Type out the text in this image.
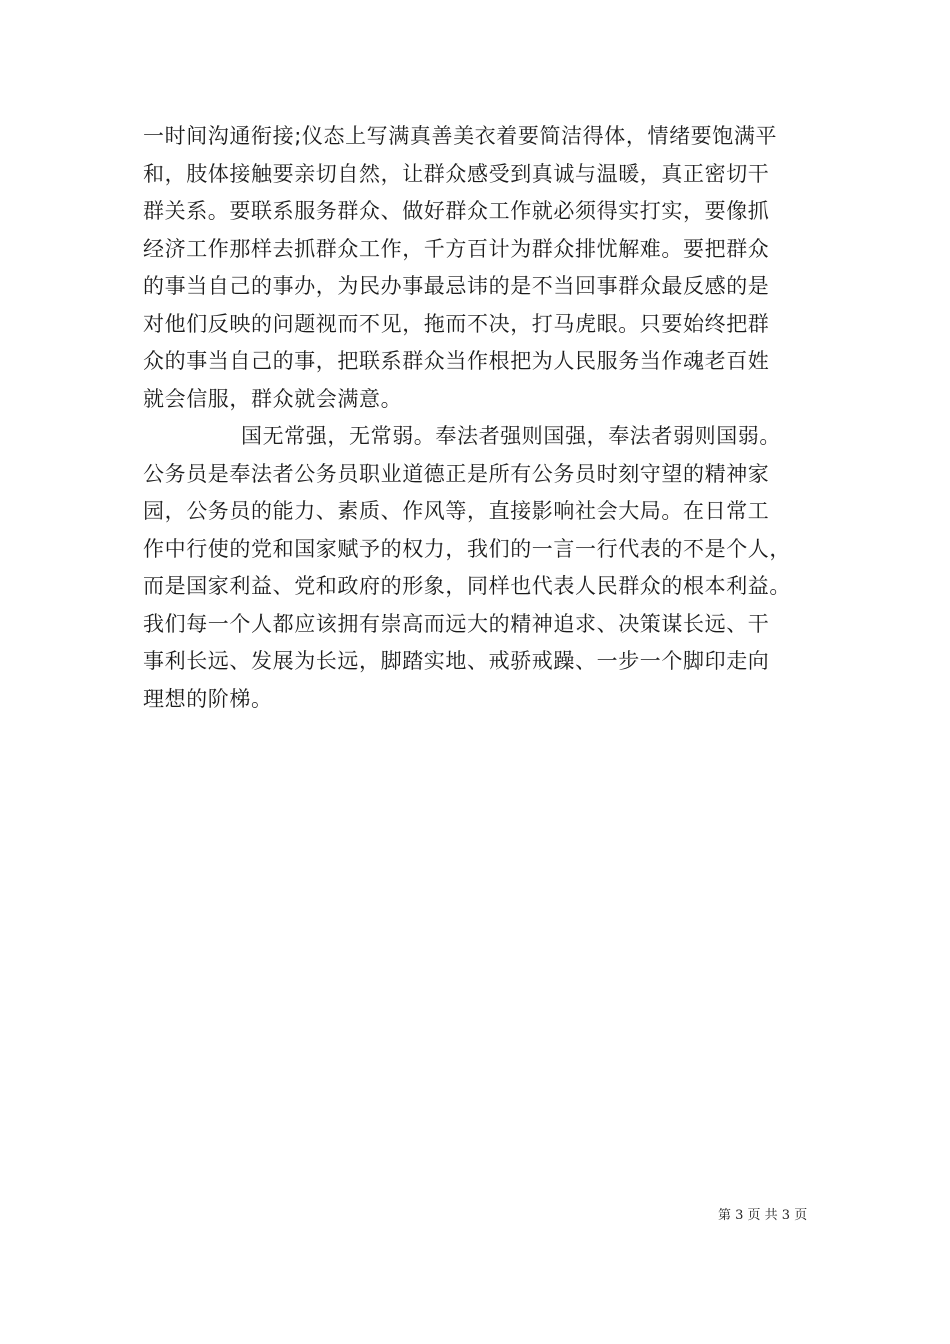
一时间沟通衔接;仪态上写满真善美衣着要简洁得体，情绪要饱满平
和，肢体接触要亲切自然，让群众感受到真诚与温暖，真正密切干
群关系。要联系服务群众、做好群众工作就必须得实打实，要像抓
经济工作那样去抓群众工作，千方百计为群众排忧解难。要把群众
的事当自己的事办，为民办事最忌讳的是不当回事群众最反感的是
对他们反映的问题视而不见，拖而不决，打马虎眼。只要始终把群
众的事当自己的事，把联系群众当作根把为人民服务当作魂老百姓
就会信服，群众就会满意。
国无常强，无常弱。奉法者强则国强，奉法者弱则国弱。
公务员是奉法者公务员职业道德正是所有公务员时刻守望的精神家
园，公务员的能力、素质、作风等，直接影响社会大局。在日常工
作中行使的党和国家赋予的权力，我们的一言一行代表的不是个人，
而是国家利益、党和政府的形象，同样也代表人民群众的根本利益。
我们每一个人都应该拥有崇高而远大的精神追求、决策谋长远、干
事利长远、发展为长远，脚踏实地、戒骄戒躁、一步一个脚印走向
理想的阶梯。
第 3 页 共 3 页
